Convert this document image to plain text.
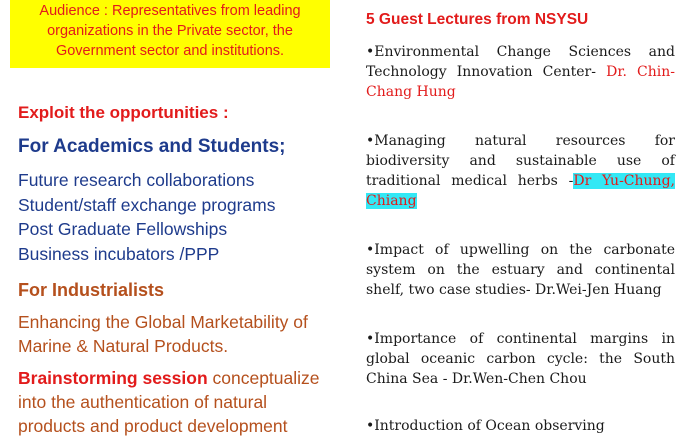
Audience : Representatives from leading
organizations in the Private sector, the
Government sector and institutions.
Exploit the opportunities :
For Academics and Students;
Future research collaborations
Student/staff exchange programs
Post Graduate Fellowships
Business incubators /PPP
For Industrialists
Enhancing the Global Marketability of
Marine & Natural Products.
Brainstorming session conceptualize
into the authentication of natural
products and product development
5 Guest Lectures from NSYSU
•Environmental Change Sciences and Technology Innovation Center- Dr. Chin-Chang Hung
•Managing natural resources for biodiversity and sustainable use of traditional medical herbs -Dr Yu-Chung, Chiang
•Impact of upwelling on the carbonate system on the estuary and continental shelf, two case studies- Dr.Wei-Jen Huang
•Importance of continental margins in global oceanic carbon cycle: the South China Sea - Dr.Wen-Chen Chou
•Introduction of Ocean observing
